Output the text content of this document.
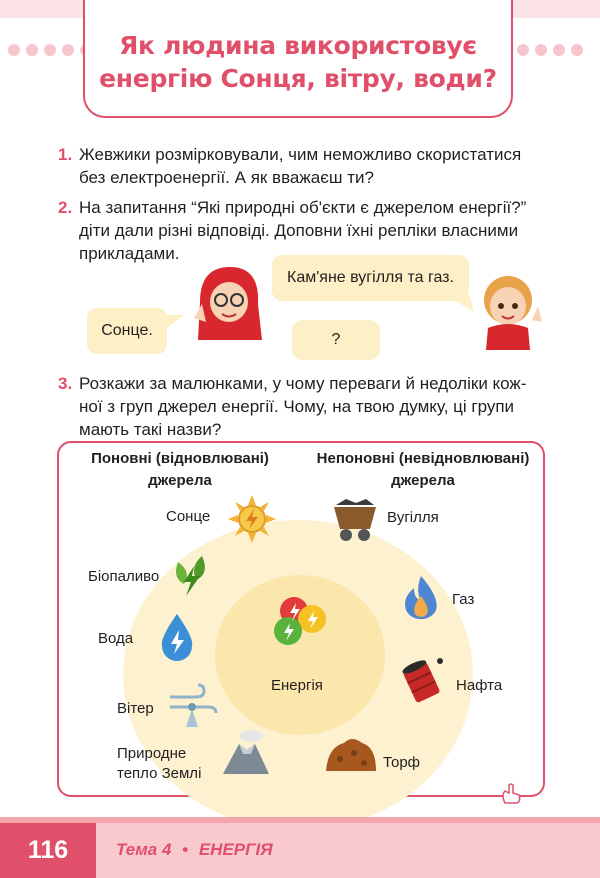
Як людина використовує
енергію Сонця, вітру, води?
1. Жевжики розмірковували, чим неможливо скористатися
без електроенергії. А як вважаєш ти?
2. На запитання “Які природні об'єкти є джерелом енергії?”
діти дали різні відповіді. Доповни їхні репліки власними
прикладами.
Сонце.
Кам'яне вугілля та газ.
?
3. Розкажи за малюнками, у чому переваги й недоліки кож-
ної з груп джерел енергії. Чому, на твою думку, ці групи
мають такі назви?
Поновні (відновлювані)
джерела
Непоновні (невідновлювані)
джерела
Сонце
Біопаливо
Вода
Вітер
Природне
тепло Землі
Енергія
Вугілля
Газ
Нафта
Торф
116	Тема 4 • ЕНЕРГІЯ
